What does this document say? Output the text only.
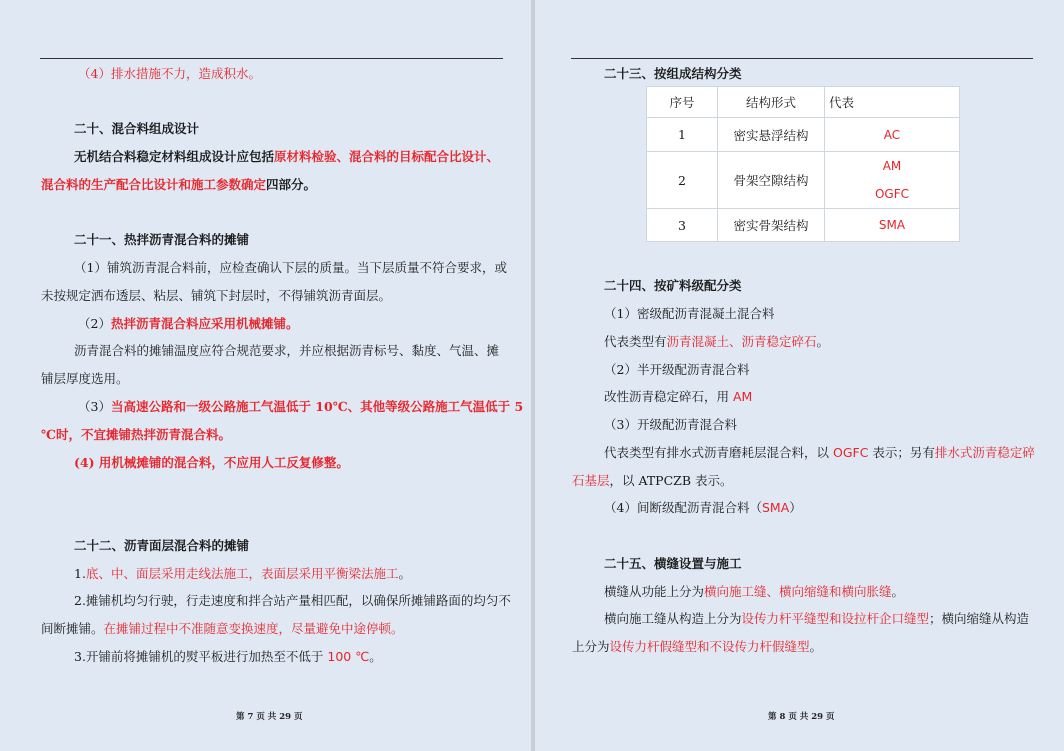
（4）排水措施不力，造成积水。
二十、混合料组成设计
无机结合料稳定材料组成设计应包括原材料检验、混合料的目标配合比设计、
混合料的生产配合比设计和施工参数确定四部分。
二十一、热拌沥青混合料的摊铺
（1）铺筑沥青混合料前，应检查确认下层的质量。当下层质量不符合要求，或
未按规定洒布透层、粘层、铺筑下封层时，不得铺筑沥青面层。
（2）热拌沥青混合料应采用机械摊铺。
沥青混合料的摊铺温度应符合规范要求，并应根据沥青标号、黏度、气温、摊
铺层厚度选用。
（3）当高速公路和一级公路施工气温低于 10℃、其他等级公路施工气温低于 5
℃时，不宜摊铺热拌沥青混合料。
(4) 用机械摊铺的混合料，不应用人工反复修整。
二十二、沥青面层混合料的摊铺
1.底、中、面层采用走线法施工，表面层采用平衡梁法施工。
2.摊铺机均匀行驶，行走速度和拌合站产量相匹配，以确保所摊铺路面的均匀不
间断摊铺。在摊铺过程中不准随意变换速度，尽量避免中途停顿。
3.开铺前将摊铺机的熨平板进行加热至不低于 100 ℃。
第 7 页 共 29 页
二十三、按组成结构分类
序号	结构形式	代表
1	密实悬浮结构	AC
2	骨架空隙结构	AM
OGFC

3	密实骨架结构	SMA
二十四、按矿料级配分类
（1）密级配沥青混凝土混合料
代表类型有沥青混凝土、沥青稳定碎石。
（2）半开级配沥青混合料
改性沥青稳定碎石，用 AM
（3）开级配沥青混合料
代表类型有排水式沥青磨耗层混合料，以 OGFC 表示；另有排水式沥青稳定碎
石基层，以 ATPCZB 表示。
（4）间断级配沥青混合料（SMA）
二十五、横缝设置与施工
横缝从功能上分为横向施工缝、横向缩缝和横向胀缝。
横向施工缝从构造上分为设传力杆平缝型和设拉杆企口缝型；横向缩缝从构造
上分为设传力杆假缝型和不设传力杆假缝型。
第 8 页 共 29 页
